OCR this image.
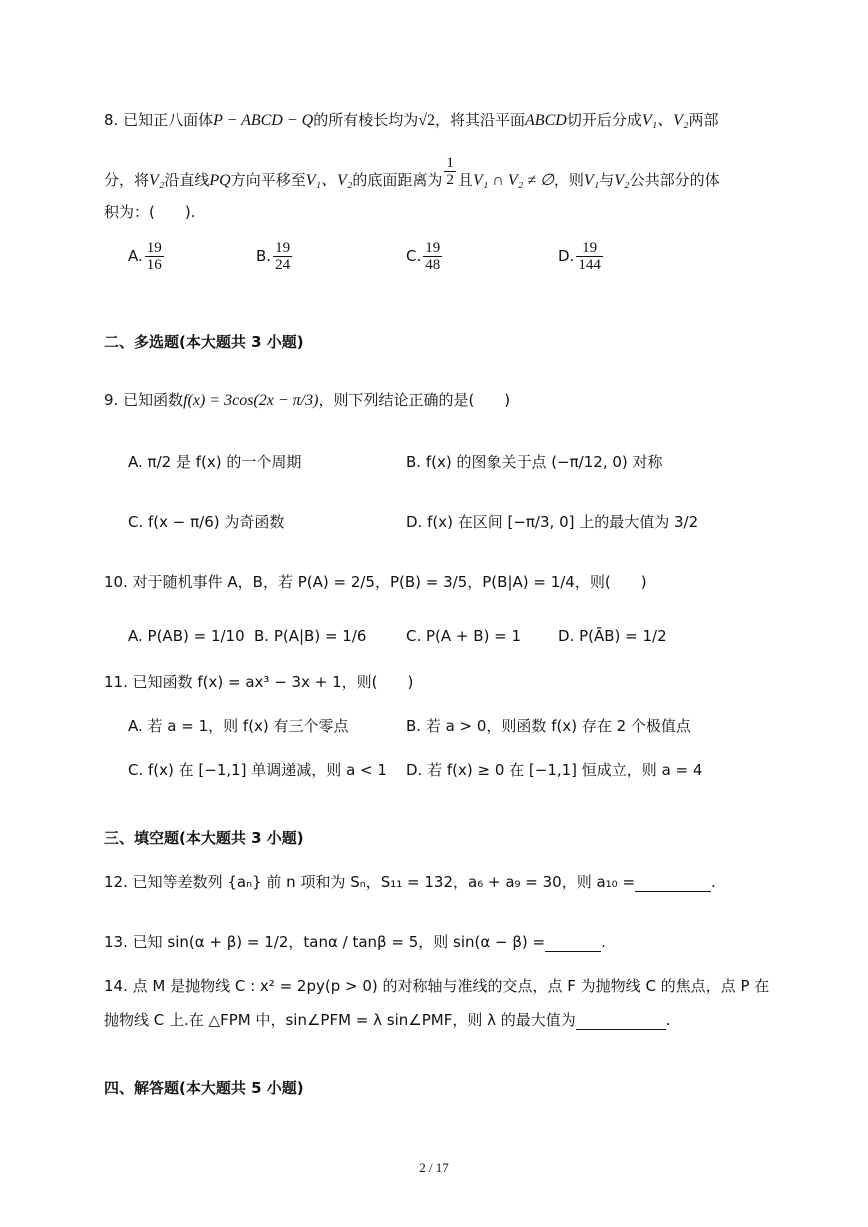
8. 已知正八面体P − ABCD − Q的所有棱长均为√2，将其沿平面ABCD切开后分成V₁、V₂两部
分，将V₂沿直线PQ方向平移至V₁、V₂的底面距离为 $\frac{1}{2}$ 且V₁ ∩ V₂ ≠ ∅，则V₁与V₂公共部分的体
积为：(　　).
A. $\frac{19}{16}$	B. $\frac{19}{24}$	C. $\frac{19}{48}$	D. $\frac{19}{144}$
二、多选题(本大题共 3 小题)
9. 已知函数f(x) = 3cos(2x − π/3)，则下列结论正确的是(　　)
A. π/2 是 f(x) 的一个周期	B. f(x) 的图象关于点 (−π/12, 0) 对称
C. f(x − π/6) 为奇函数	D. f(x) 在区间 [−π/3, 0] 上的最大值为 3/2
10. 对于随机事件 A，B，若 P(A) = 2/5，P(B) = 3/5，P(B|A) = 1/4，则(　　)
A. P(AB) = 1/10 B. P(A|B) = 1/6	C. P(A + B) = 1 D. P(ĀB) = 1/2
11. 已知函数 f(x) = ax³ − 3x + 1，则(　　)
A. 若 a = 1，则 f(x) 有三个零点	B. 若 a > 0，则函数 f(x) 存在 2 个极值点
C. f(x) 在 [−1,1] 单调递减，则 a < 1 D. 若 f(x) ≥ 0 在 [−1,1] 恒成立，则 a = 4
三、填空题(本大题共 3 小题)
12. 已知等差数列 {aₙ} 前 n 项和为 Sₙ，S₁₁ = 132，a₆ + a₉ = 30，则 a₁₀ =	.
13. 已知 sin(α + β) = 1/2，tanα / tanβ = 5，则 sin(α − β) =	.
14. 点 M 是抛物线 C : x² = 2py(p > 0) 的对称轴与准线的交点，点 F 为抛物线 C 的焦点，点 P 在
抛物线 C 上.在 △FPM 中，sin∠PFM = λ sin∠PMF，则 λ 的最大值为	.
四、解答题(本大题共 5 小题)
2 / 17
